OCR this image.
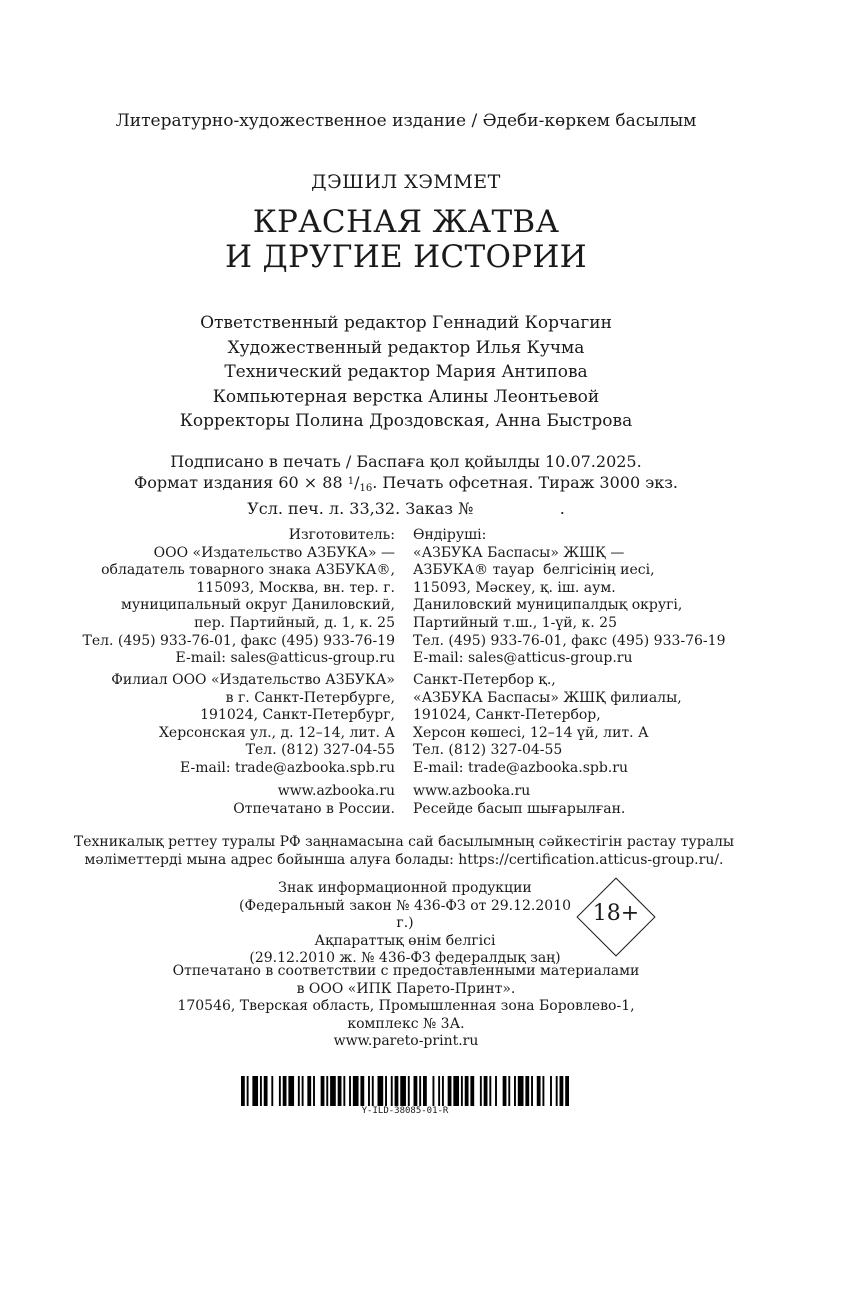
Литературно-художественное издание / Әдеби-көркем басылым
ДЭШИЛ ХЭММЕТ
КРАСНАЯ ЖАТВА
И ДРУГИЕ ИСТОРИИ
Ответственный редактор Геннадий Корчагин
Художественный редактор Илья Кучма
Технический редактор Мария Антипова
Компьютерная верстка Алины Леонтьевой
Корректоры Полина Дроздовская, Анна Быстрова
Подписано в печать / Баспаға қол қойылды 10.07.2025.
Формат издания 60 × 88 $^1/_{16}$. Печать офсетная. Тираж 3000 экз.
Усл. печ. л. 33,32. Заказ №                 .
Изготовитель:
ООО «Издательство АЗБУКА» —
обладатель товарного знака АЗБУКА®,
115093, Москва, вн. тер. г.
муниципальный округ Даниловский,
пер. Партийный, д. 1, к. 25
Тел. (495) 933-76-01, факс (495) 933-76-19
E-mail: sales@atticus-group.ru
Өндіруші:
«АЗБУКА Баспасы» ЖШҚ —
АЗБУКА® тауар  белгісінің иесі,
115093, Мәскеу, қ. іш. аум.
Даниловский муниципалдық округі,
Партийный т.ш., 1-үй, к. 25
Тел. (495) 933-76-01, факс (495) 933-76-19
E-mail: sales@atticus-group.ru
Филиал ООО «Издательство АЗБУКА»
в г. Санкт-Петербурге,
191024, Санкт-Петербург,
Херсонская ул., д. 12–14, лит. А
Тел. (812) 327-04-55
E-mail: trade@azbooka.spb.ru
Санкт-Петербор қ.,
«АЗБУКА Баспасы» ЖШҚ филиалы,
191024, Санкт-Петербор,
Херсон көшесі, 12–14 үй, лит. А
Тел. (812) 327-04-55
E-mail: trade@azbooka.spb.ru
www.azbooka.ru
Отпечатано в России.
www.azbooka.ru
Ресейде басып шығарылған.
Техникалық реттеу туралы РФ заңнамасына сай басылымның сәйкестігін растау туралы
мәліметтерді мына адрес бойынша алуға болады: https://certification.atticus-group.ru/.
Знак информационной продукции
(Федеральный закон № 436-ФЗ от 29.12.2010 г.)
Ақпараттық өнім белгісі
(29.12.2010 ж. № 436-ФЗ федералдық заң)
18+
Отпечатано в соответствии с предоставленными материалами
в ООО «ИПК Парето-Принт».
170546, Тверская область, Промышленная зона Боровлево-1,
комплекс № 3А.
www.pareto-print.ru
Y-ILD-38085-01-R
